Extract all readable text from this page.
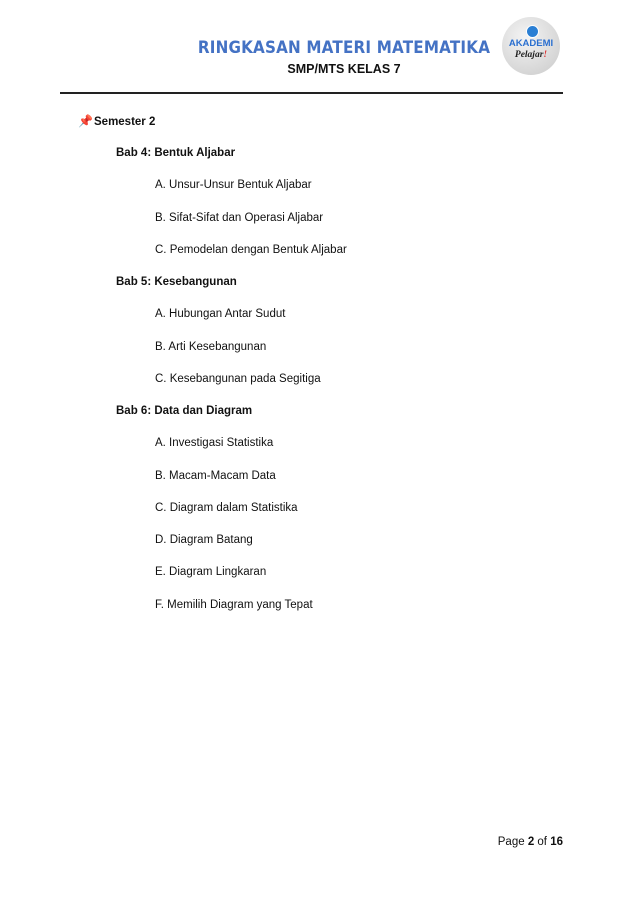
RINGKASAN MATERI MATEMATIKA
SMP/MTS KELAS 7
AKADEMI
Pelajar!
📌Semester 2
Bab 4: Bentuk Aljabar
A. Unsur-Unsur Bentuk Aljabar
B. Sifat-Sifat dan Operasi Aljabar
C. Pemodelan dengan Bentuk Aljabar
Bab 5: Kesebangunan
A. Hubungan Antar Sudut
B. Arti Kesebangunan
C. Kesebangunan pada Segitiga
Bab 6: Data dan Diagram
A. Investigasi Statistika
B. Macam-Macam Data
C. Diagram dalam Statistika
D. Diagram Batang
E. Diagram Lingkaran
F. Memilih Diagram yang Tepat
Page 2 of 16
